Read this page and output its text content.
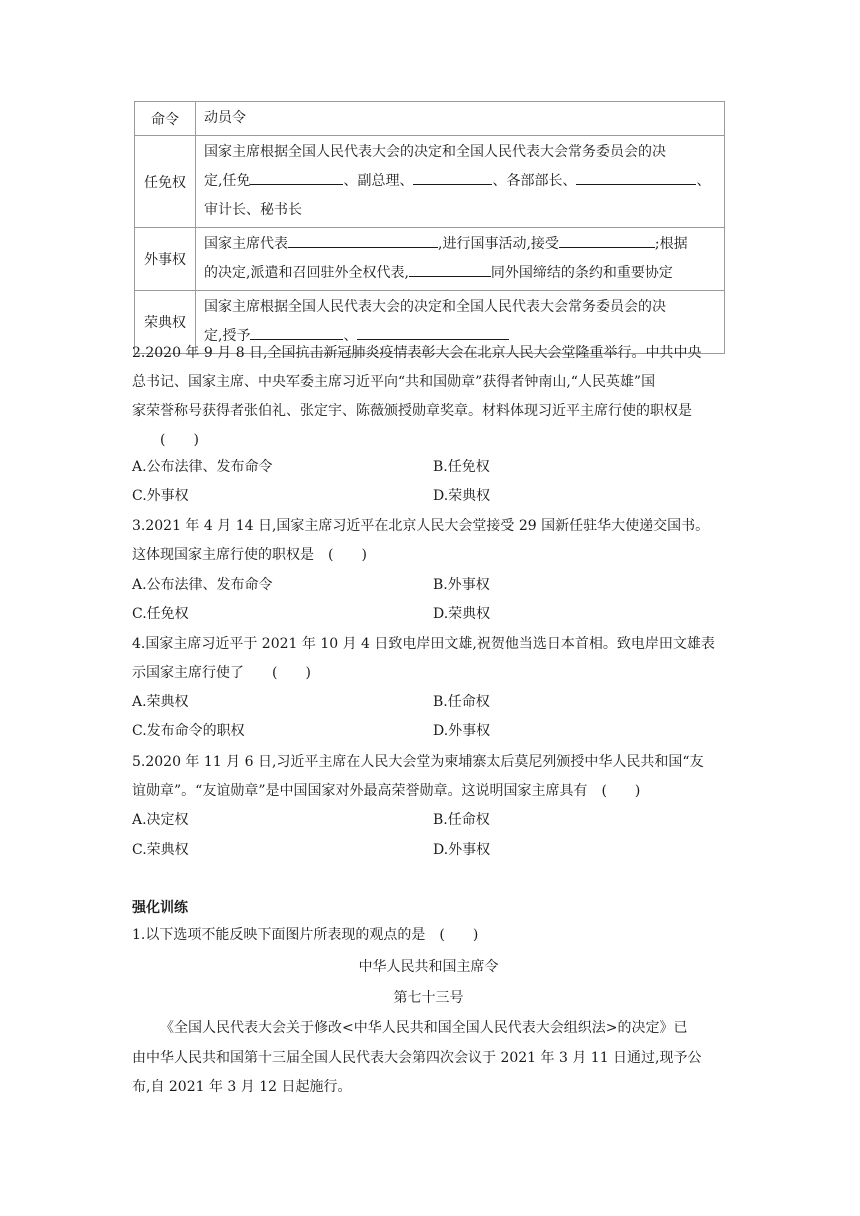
命令	动员令
任免权	国家主席根据全国人民代表大会的决定和全国人民代表大会常务委员会的决
定,任免 、副总理、 、各部部长、 、
审计长、秘书长

外事权	国家主席代表 ,进行国事活动,接受 ;根据
的决定,派遣和召回驻外全权代表, 同外国缔结的条约和重要协定

荣典权	国家主席根据全国人民代表大会的决定和全国人民代表大会常务委员会的决
定,授予 、
2.2020 年 9 月 8 日,全国抗击新冠肺炎疫情表彰大会在北京人民大会堂隆重举行。中共中央
总书记、国家主席、中央军委主席习近平向“共和国勋章”获得者钟南山,“人民英雄”国
家荣誉称号获得者张伯礼、张定宇、陈薇颁授勋章奖章。材料体现习近平主席行使的职权是
(　　)
A.公布法律、发布命令	B.任免权
C.外事权	D.荣典权
3.2021 年 4 月 14 日,国家主席习近平在北京人民大会堂接受 29 国新任驻华大使递交国书。
这体现国家主席行使的职权是　(　　)
A.公布法律、发布命令	B.外事权
C.任免权	D.荣典权
4.国家主席习近平于 2021 年 10 月 4 日致电岸田文雄,祝贺他当选日本首相。致电岸田文雄表
示国家主席行使了　　(　　)
A.荣典权	B.任命权
C.发布命令的职权	D.外事权
5.2020 年 11 月 6 日,习近平主席在人民大会堂为柬埔寨太后莫尼列颁授中华人民共和国“友
谊勋章”。“友谊勋章”是中国国家对外最高荣誉勋章。这说明国家主席具有　(　　)
A.决定权	B.任命权
C.荣典权	D.外事权
强化训练
1.以下选项不能反映下面图片所表现的观点的是　(　　)
中华人民共和国主席令
第七十三号
《全国人民代表大会关于修改<中华人民共和国全国人民代表大会组织法>的决定》已
由中华人民共和国第十三届全国人民代表大会第四次会议于 2021 年 3 月 11 日通过,现予公
布,自 2021 年 3 月 12 日起施行。
